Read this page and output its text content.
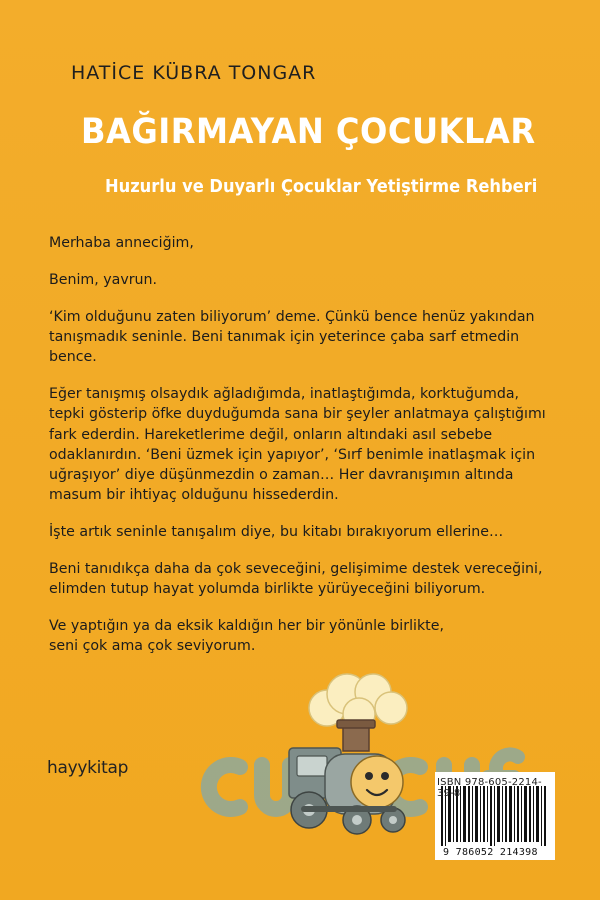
HATİCE KÜBRA TONGAR
BAĞIRMAYAN ÇOCUKLAR
Huzurlu ve Duyarlı Çocuklar Yetiştirme Rehberi

Merhaba anneciğim,

Benim, yavrun.

‘Kim olduğunu zaten biliyorum’ deme. Çünkü bence henüz yakından
tanışmadık seninle. Beni tanımak için yeterince çaba sarf etmedin bence.

Eğer tanışmış olsaydık ağladığımda, inatlaştığımda, korktuğumda,
tepki gösterip öfke duyduğumda sana bir şeyler anlatmaya çalıştığımı
fark ederdin. Hareketlerime değil, onların altındaki asıl sebebe
odaklanırdın. ‘Beni üzmek için yapıyor’, ‘Sırf benimle inatlaşmak için
uğraşıyor’ diye düşünmezdin o zaman… Her davranışımın altında
masum bir ihtiyaç olduğunu hissederdin.

İşte artık seninle tanışalım diye, bu kitabı bırakıyorum ellerine…

Beni tanıdıkça daha da çok seveceğini, gelişimime destek vereceğini,
elimden tutup hayat yolumda birlikte yürüyeceğini biliyorum.

Ve yaptığın ya da eksik kaldığın her bir yönünle birlikte,
seni çok ama çok seviyorum.

hayykitap
ISBN 978-605-2214-39-8
9 786052 214398
